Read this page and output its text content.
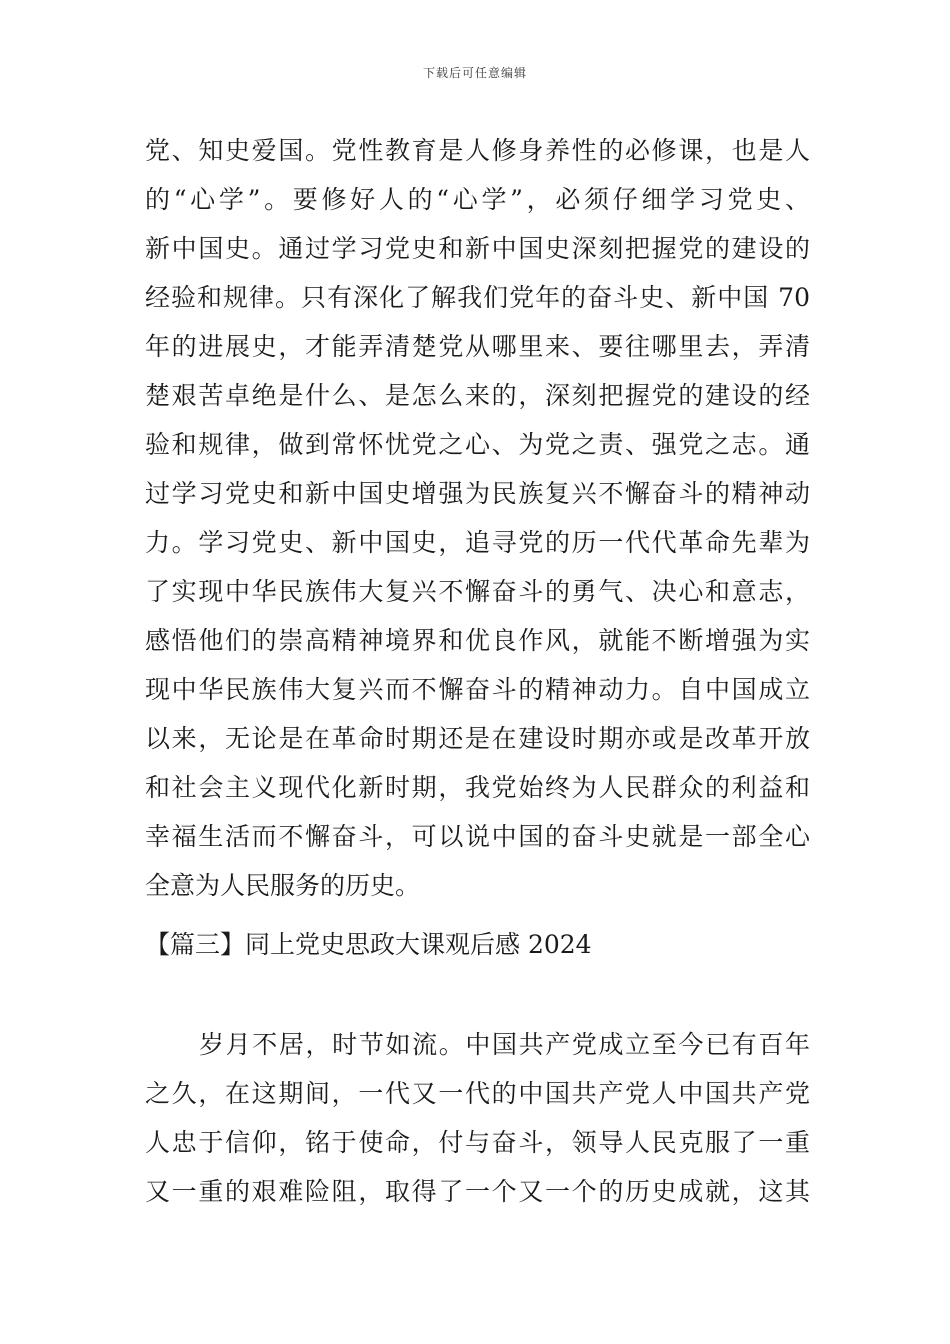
下载后可任意编辑
党、知史爱国。党性教育是人修身养性的必修课，也是人
的“心学”。要修好人的“心学”，必须仔细学习党史、
新中国史。通过学习党史和新中国史深刻把握党的建设的
经验和规律。只有深化了解我们党年的奋斗史、新中国 70
年的进展史，才能弄清楚党从哪里来、要往哪里去，弄清
楚艰苦卓绝是什么、是怎么来的，深刻把握党的建设的经
验和规律，做到常怀忧党之心、为党之责、强党之志。通
过学习党史和新中国史增强为民族复兴不懈奋斗的精神动
力。学习党史、新中国史，追寻党的历一代代革命先辈为
了实现中华民族伟大复兴不懈奋斗的勇气、决心和意志，
感悟他们的崇高精神境界和优良作风，就能不断增强为实
现中华民族伟大复兴而不懈奋斗的精神动力。自中国成立
以来，无论是在革命时期还是在建设时期亦或是改革开放
和社会主义现代化新时期，我党始终为人民群众的利益和
幸福生活而不懈奋斗，可以说中国的奋斗史就是一部全心
全意为人民服务的历史。
【篇三】同上党史思政大课观后感 2024
岁月不居，时节如流。中国共产党成立至今已有百年
之久，在这期间，一代又一代的中国共产党人中国共产党
人忠于信仰，铭于使命，付与奋斗，领导人民克服了一重
又一重的艰难险阻，取得了一个又一个的历史成就，这其
